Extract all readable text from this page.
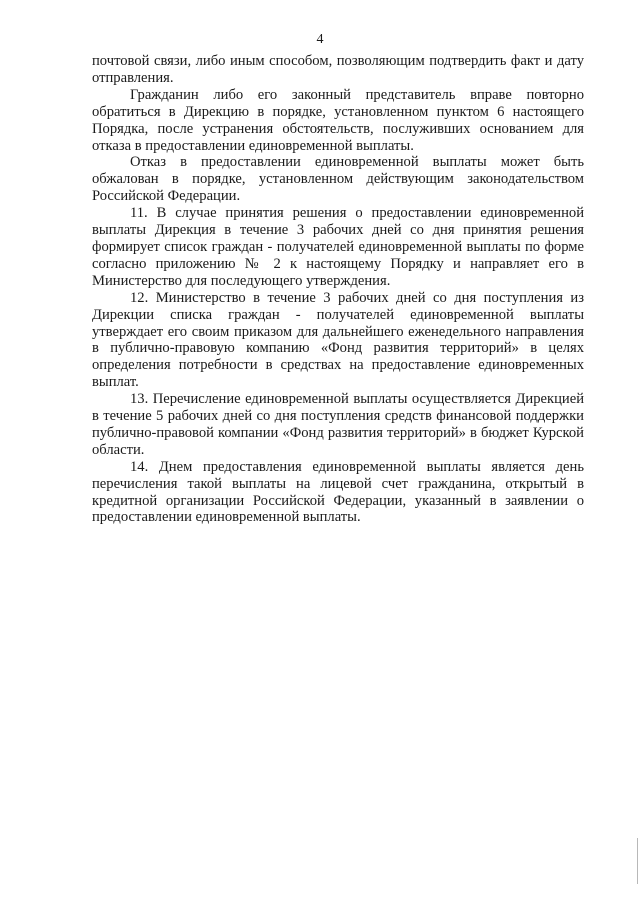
4

почтовой связи, либо иным способом, позволяющим подтвердить факт и дату отправления.

Гражданин либо его законный представитель вправе повторно обратиться в Дирекцию в порядке, установленном пунктом 6 настоящего Порядка, после устранения обстоятельств, послуживших основанием для отказа в предоставлении единовременной выплаты.

Отказ в предоставлении единовременной выплаты может быть обжалован в порядке, установленном действующим законодательством Российской Федерации.

11. В случае принятия решения о предоставлении единовременной выплаты Дирекция в течение 3 рабочих дней со дня принятия решения формирует список граждан - получателей единовременной выплаты по форме согласно приложению № 2 к настоящему Порядку и направляет его в Министерство для последующего утверждения.

12. Министерство в течение 3 рабочих дней со дня поступления из Дирекции списка граждан - получателей единовременной выплаты утверждает его своим приказом для дальнейшего еженедельного направления в публично-правовую компанию «Фонд развития территорий» в целях определения потребности в средствах на предоставление единовременных выплат.

13. Перечисление единовременной выплаты осуществляется Дирекцией в течение 5 рабочих дней со дня поступления средств финансовой поддержки публично-правовой компании «Фонд развития территорий» в бюджет Курской области.

14. Днем предоставления единовременной выплаты является день перечисления такой выплаты на лицевой счет гражданина, открытый в кредитной организации Российской Федерации, указанный в заявлении о предоставлении единовременной выплаты.
